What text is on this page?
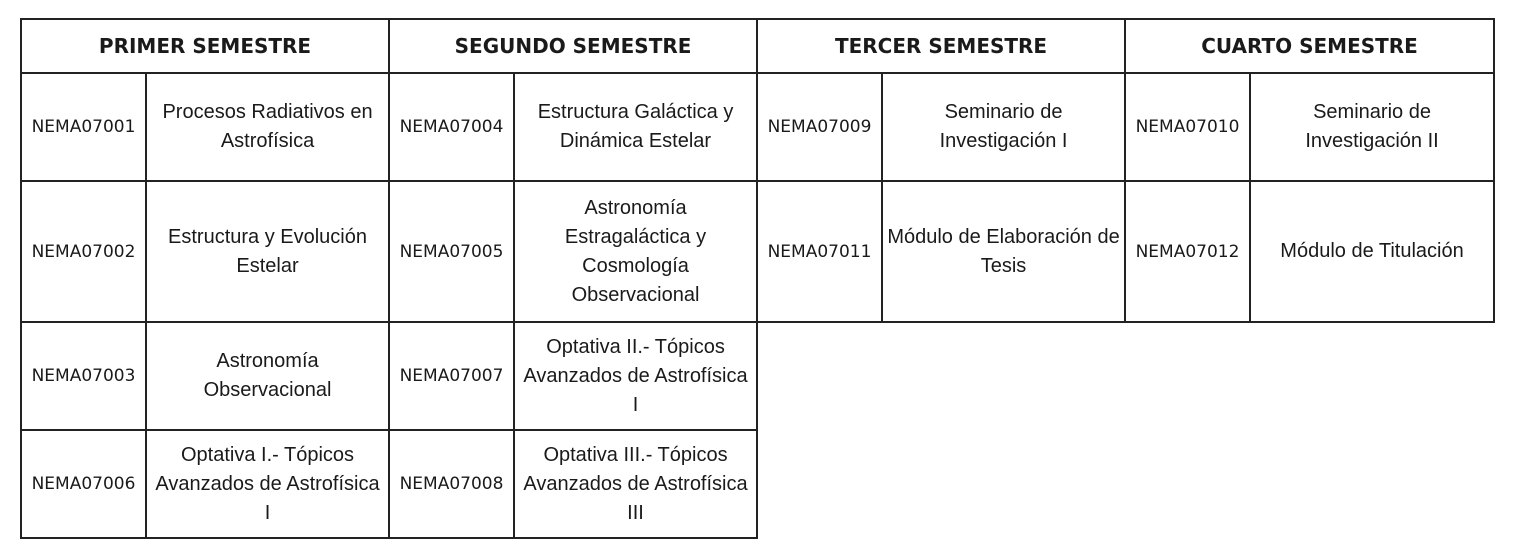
PRIMER SEMESTRE		SEGUNDO SEMESTRE		TERCER SEMESTRE		CUARTO SEMESTRE	
NEMA07001	Procesos Radiativos en Astrofísica	NEMA07004	Estructura Galáctica y Dinámica Estelar	NEMA07009	Seminario de Investigación I	NEMA07010	Seminario de Investigación II
NEMA07002	Estructura y Evolución Estelar	NEMA07005	Astronomía Estragaláctica y Cosmología Observacional	NEMA07011	Módulo de Elaboración de Tesis	NEMA07012	Módulo de Titulación
NEMA07003	Astronomía Observacional	NEMA07007	Optativa II.- Tópicos Avanzados de Astrofísica I				
NEMA07006	Optativa I.- Tópicos Avanzados de Astrofísica I	NEMA07008	Optativa III.- Tópicos Avanzados de Astrofísica III				
